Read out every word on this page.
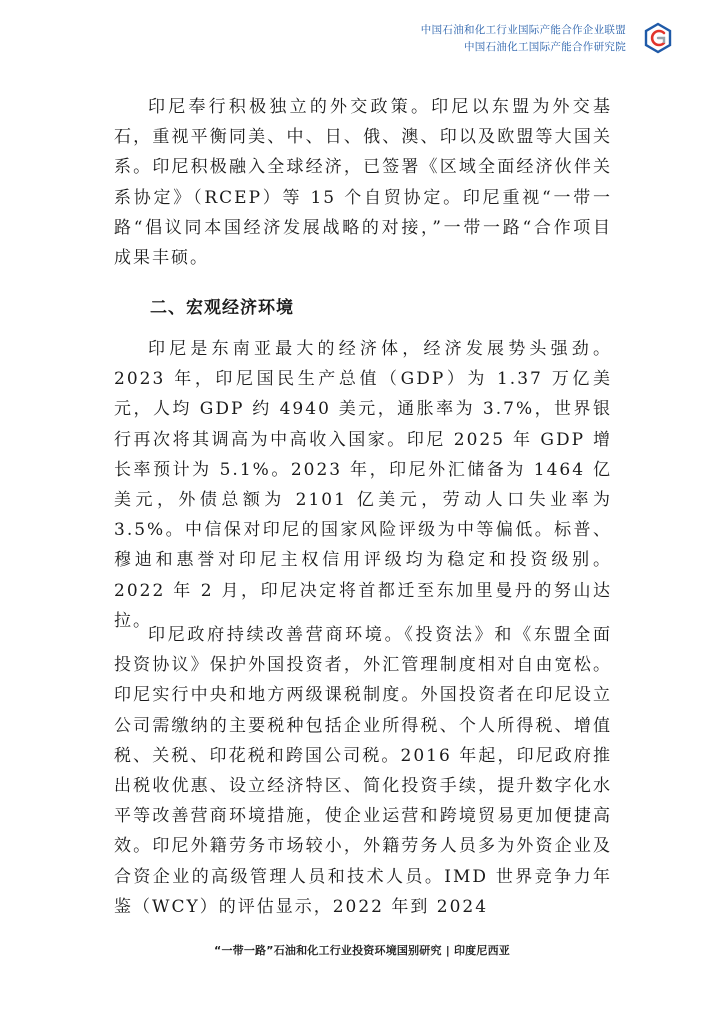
中国石油和化工行业国际产能合作企业联盟
中国石油化工国际产能合作研究院

印尼奉行积极独立的外交政策。印尼以东盟为外交基石，重视平衡同美、中、日、俄、澳、印以及欧盟等大国关系。印尼积极融入全球经济，已签署《区域全面经济伙伴关系协定》（RCEP）等 15 个自贸协定。印尼重视“一带一路“倡议同本国经济发展战略的对接，”一带一路“合作项目成果丰硕。

二、宏观经济环境

印尼是东南亚最大的经济体，经济发展势头强劲。2023 年，印尼国民生产总值（GDP）为 1.37 万亿美元，人均 GDP 约 4940 美元，通胀率为 3.7%，世界银行再次将其调高为中高收入国家。印尼 2025 年 GDP 增长率预计为 5.1%。2023 年，印尼外汇储备为 1464 亿美元，外债总额为 2101 亿美元，劳动人口失业率为 3.5%。中信保对印尼的国家风险评级为中等偏低。标普、穆迪和惠誉对印尼主权信用评级均为稳定和投资级别。2022 年 2 月，印尼决定将首都迁至东加里曼丹的努山达拉。

印尼政府持续改善营商环境。《投资法》和《东盟全面投资协议》保护外国投资者，外汇管理制度相对自由宽松。印尼实行中央和地方两级课税制度。外国投资者在印尼设立公司需缴纳的主要税种包括企业所得税、个人所得税、增值税、关税、印花税和跨国公司税。2016 年起，印尼政府推出税收优惠、设立经济特区、简化投资手续，提升数字化水平等改善营商环境措施，使企业运营和跨境贸易更加便捷高效。印尼外籍劳务市场较小，外籍劳务人员多为外资企业及合资企业的高级管理人员和技术人员。IMD 世界竞争力年鉴（WCY）的评估显示，2022 年到 2024

“一带一路”石油和化工行业投资环境国别研究 | 印度尼西亚
